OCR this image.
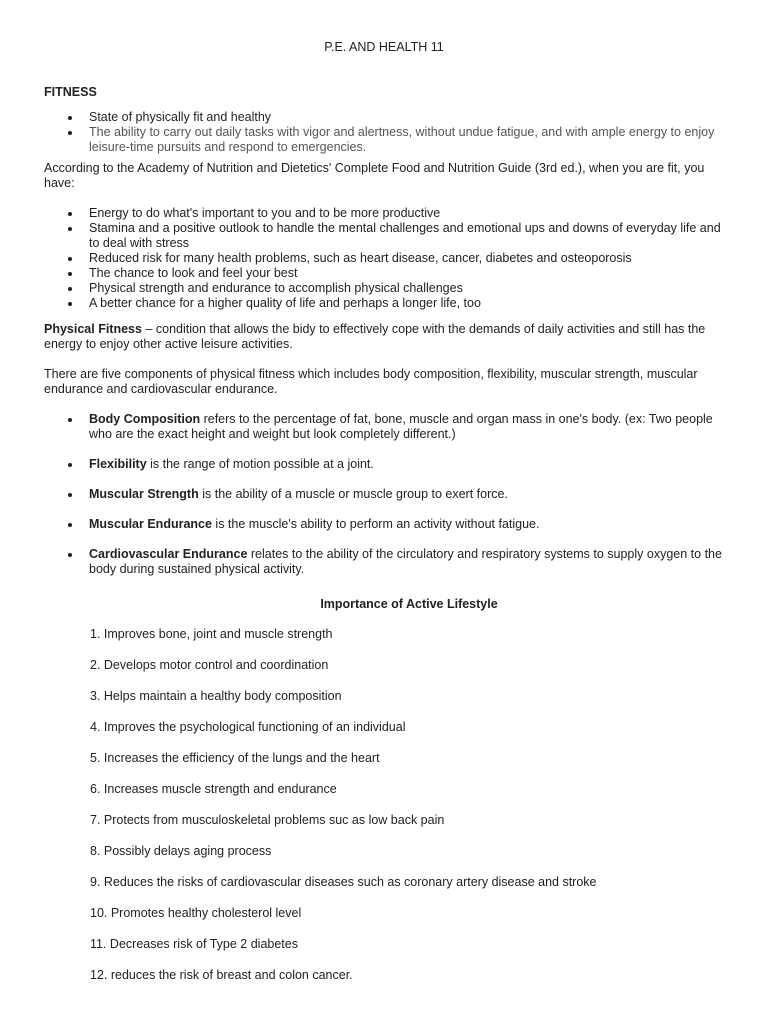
P.E. AND HEALTH 11
FITNESS
State of physically fit and healthy
The ability to carry out daily tasks with vigor and alertness, without undue fatigue, and with ample energy to enjoy leisure-time pursuits and respond to emergencies.
According to the Academy of Nutrition and Dietetics' Complete Food and Nutrition Guide (3rd ed.), when you are fit, you have:
Energy to do what's important to you and to be more productive
Stamina and a positive outlook to handle the mental challenges and emotional ups and downs of everyday life and to deal with stress
Reduced risk for many health problems, such as heart disease, cancer, diabetes and osteoporosis
The chance to look and feel your best
Physical strength and endurance to accomplish physical challenges
A better chance for a higher quality of life and perhaps a longer life, too
Physical Fitness – condition that allows the bidy to effectively cope with the demands of daily activities and still has the energy to enjoy other active leisure activities.
There are five components of physical fitness which includes body composition, flexibility, muscular strength, muscular endurance and cardiovascular endurance.
Body Composition refers to the percentage of fat, bone, muscle and organ mass in one's body. (ex: Two people who are the exact height and weight but look completely different.)
Flexibility is the range of motion possible at a joint.
Muscular Strength is the ability of a muscle or muscle group to exert force.
Muscular Endurance is the muscle's ability to perform an activity without fatigue.
Cardiovascular Endurance relates to the ability of the circulatory and respiratory systems to supply oxygen to the body during sustained physical activity.
Importance of Active Lifestyle
1. Improves bone, joint and muscle strength
2. Develops motor control and coordination
3. Helps maintain a healthy body composition
4. Improves the psychological functioning of an individual
5. Increases the efficiency of the lungs and the heart
6. Increases muscle strength and endurance
7. Protects from musculoskeletal problems suc as low back pain
8. Possibly delays aging process
9. Reduces the risks of cardiovascular diseases such as coronary artery disease and stroke
10. Promotes healthy cholesterol level
11. Decreases risk of Type 2 diabetes
12. reduces the risk of breast and colon cancer.
